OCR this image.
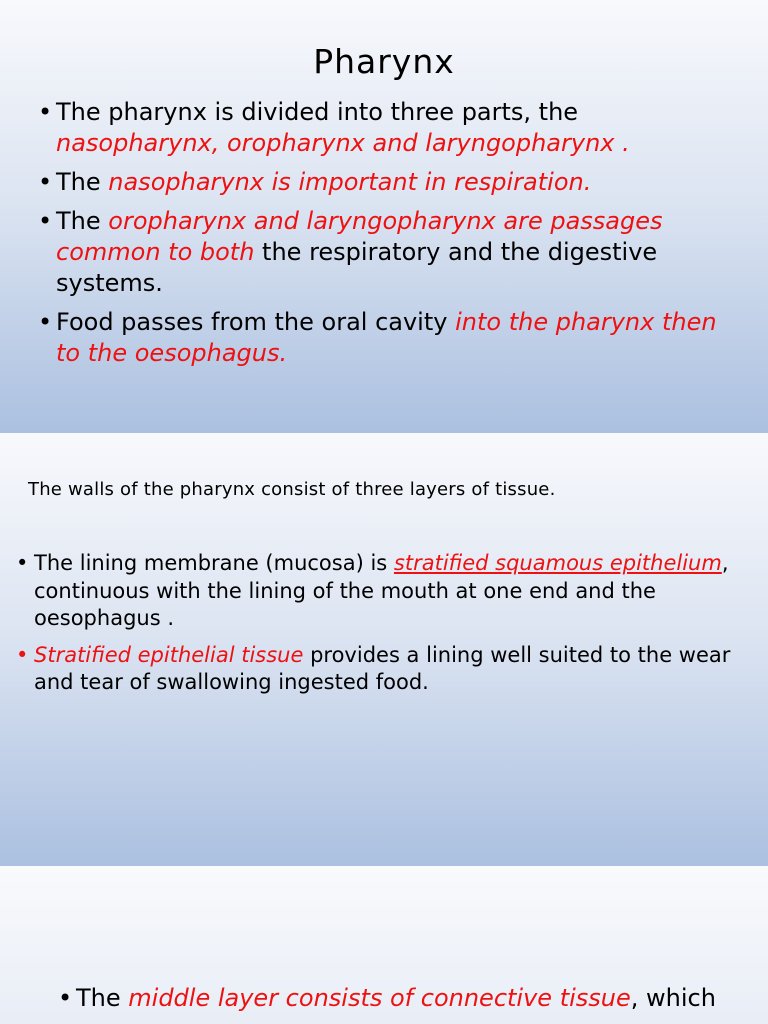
Pharynx
• The pharynx is divided into three parts, the nasopharynx, oropharynx and laryngopharynx .
• The nasopharynx is important in respiration.
• The oropharynx and laryngopharynx are passages common to both the respiratory and the digestive systems.
• Food passes from the oral cavity into the pharynx then to the oesophagus.
The walls of the pharynx consist of three layers of tissue.
• The lining membrane (mucosa) is stratified squamous epithelium, continuous with the lining of the mouth at one end and the oesophagus .
• Stratified epithelial tissue provides a lining well suited to the wear and tear of swallowing ingested food.
• The middle layer consists of connective tissue, which
